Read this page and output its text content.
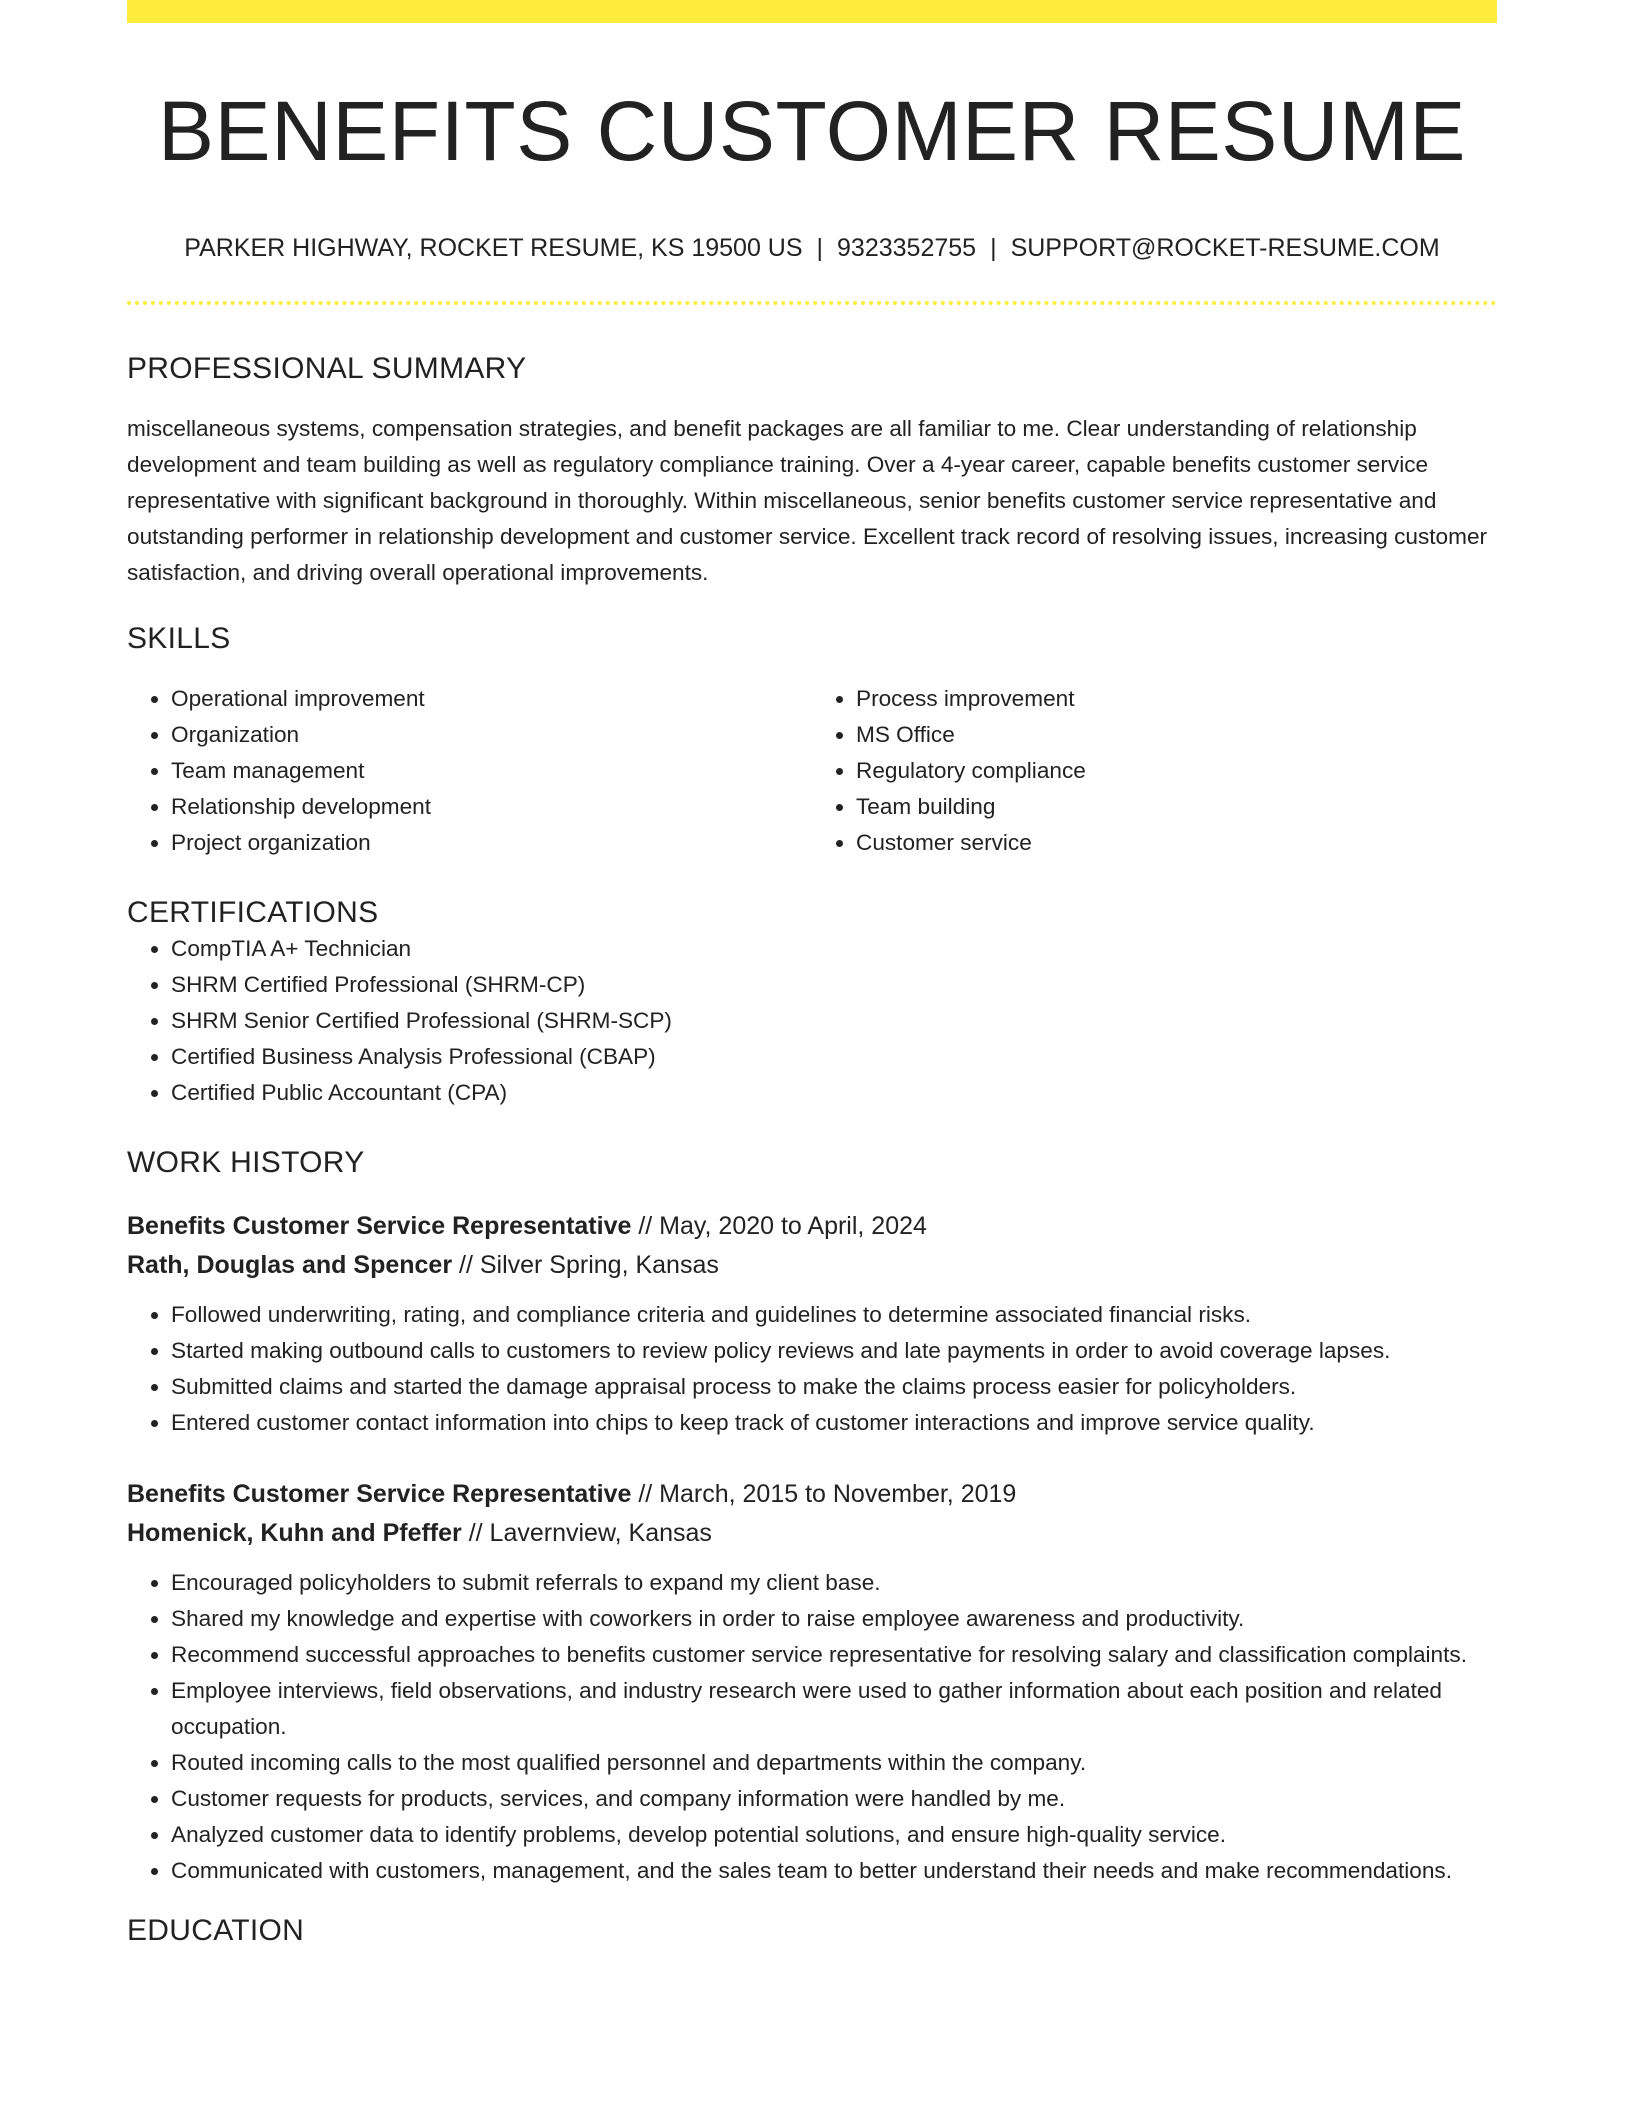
BENEFITS CUSTOMER RESUME
PARKER HIGHWAY, ROCKET RESUME, KS 19500 US | 9323352755 | SUPPORT@ROCKET-RESUME.COM
PROFESSIONAL SUMMARY

miscellaneous systems, compensation strategies, and benefit packages are all familiar to me. Clear understanding of relationship development and team building as well as regulatory compliance training. Over a 4-year career, capable benefits customer service representative with significant background in thoroughly. Within miscellaneous, senior benefits customer service representative and outstanding performer in relationship development and customer service. Excellent track record of resolving issues, increasing customer satisfaction, and driving overall operational improvements.

SKILLS
• Operational improvement
• Organization
• Team management
• Relationship development
• Project organization
• Process improvement
• MS Office
• Regulatory compliance
• Team building
• Customer service
CERTIFICATIONS
• CompTIA A+ Technician
• SHRM Certified Professional (SHRM-CP)
• SHRM Senior Certified Professional (SHRM-SCP)
• Certified Business Analysis Professional (CBAP)
• Certified Public Accountant (CPA)
WORK HISTORY
Benefits Customer Service Representative // May, 2020 to April, 2024
Rath, Douglas and Spencer // Silver Spring, Kansas
• Followed underwriting, rating, and compliance criteria and guidelines to determine associated financial risks.
• Started making outbound calls to customers to review policy reviews and late payments in order to avoid coverage lapses.
• Submitted claims and started the damage appraisal process to make the claims process easier for policyholders.
• Entered customer contact information into chips to keep track of customer interactions and improve service quality.
Benefits Customer Service Representative // March, 2015 to November, 2019
Homenick, Kuhn and Pfeffer // Lavernview, Kansas
• Encouraged policyholders to submit referrals to expand my client base.
• Shared my knowledge and expertise with coworkers in order to raise employee awareness and productivity.
• Recommend successful approaches to benefits customer service representative for resolving salary and classification complaints.
• Employee interviews, field observations, and industry research were used to gather information about each position and related occupation.
• Routed incoming calls to the most qualified personnel and departments within the company.
• Customer requests for products, services, and company information were handled by me.
• Analyzed customer data to identify problems, develop potential solutions, and ensure high-quality service.
• Communicated with customers, management, and the sales team to better understand their needs and make recommendations.
EDUCATION
